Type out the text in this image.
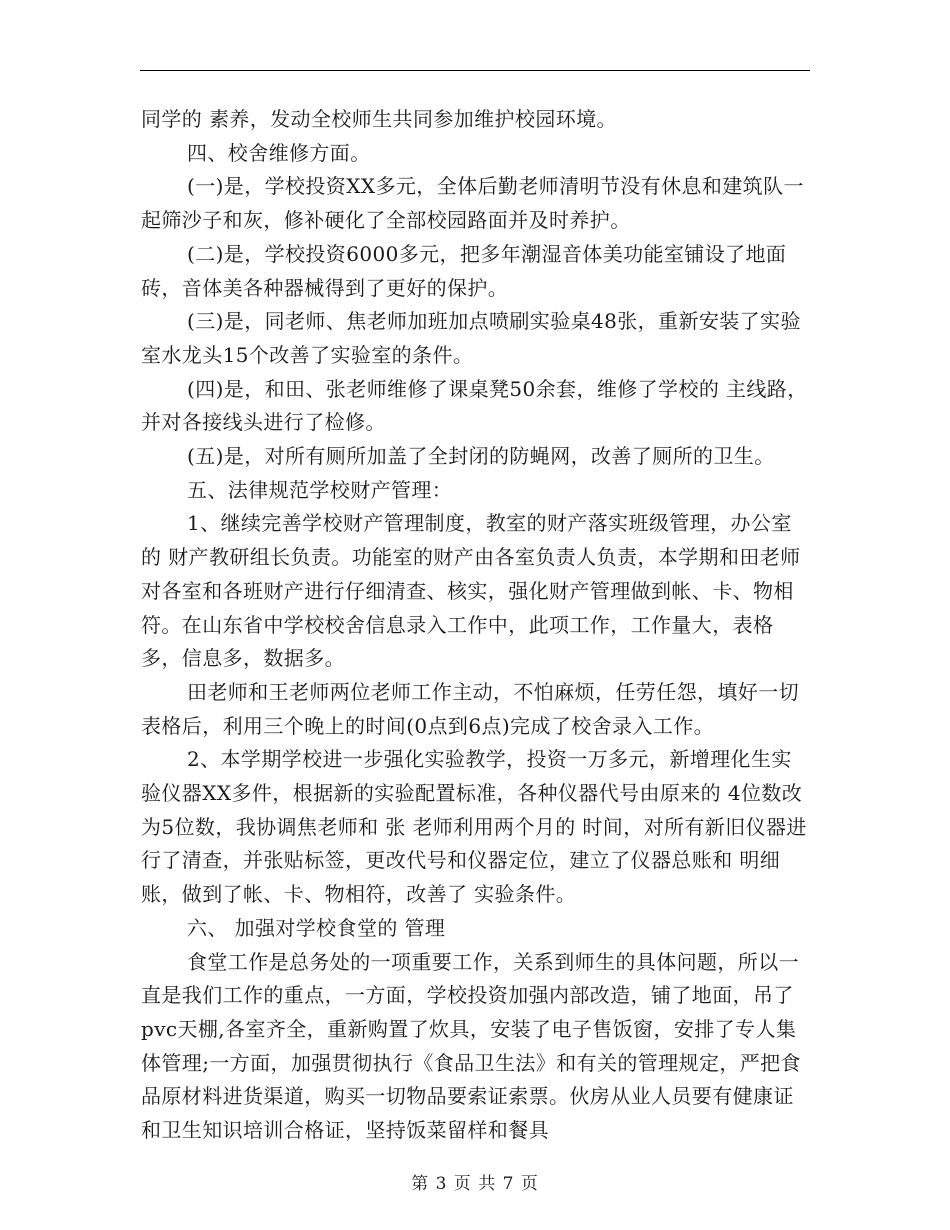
同学的 素养，发动全校师生共同参加维护校园环境。

四、校舍维修方面。

(一)是，学校投资XX多元，全体后勤老师清明节没有休息和建筑队一起筛沙子和灰，修补硬化了全部校园路面并及时养护。

(二)是，学校投资6000多元，把多年潮湿音体美功能室铺设了地面砖，音体美各种器械得到了更好的保护。

(三)是，同老师、焦老师加班加点喷刷实验桌48张，重新安装了实验室水龙头15个改善了实验室的条件。

(四)是，和田、张老师维修了课桌凳50余套，维修了学校的 主线路，并对各接线头进行了检修。

(五)是，对所有厕所加盖了全封闭的防蝇网，改善了厕所的卫生。

五、法律规范学校财产管理：

1、继续完善学校财产管理制度，教室的财产落实班级管理，办公室的 财产教研组长负责。功能室的财产由各室负责人负责，本学期和田老师对各室和各班财产进行仔细清查、核实，强化财产管理做到帐、卡、物相符。在山东省中学校校舍信息录入工作中，此项工作，工作量大，表格多，信息多，数据多。

田老师和王老师两位老师工作主动，不怕麻烦，任劳任怨，填好一切表格后，利用三个晚上的时间(0点到6点)完成了校舍录入工作。

2、本学期学校进一步强化实验教学，投资一万多元，新增理化生实验仪器XX多件，根据新的实验配置标准，各种仪器代号由原来的 4位数改为5位数，我协调焦老师和 张 老师利用两个月的 时间，对所有新旧仪器进行了清查，并张贴标签，更改代号和仪器定位，建立了仪器总账和 明细账，做到了帐、卡、物相符，改善了 实验条件。

六、 加强对学校食堂的 管理

食堂工作是总务处的一项重要工作，关系到师生的具体问题，所以一直是我们工作的重点，一方面，学校投资加强内部改造，铺了地面，吊了pvc天棚,各室齐全，重新购置了炊具，安装了电子售饭窗，安排了专人集体管理;一方面，加强贯彻执行《食品卫生法》和有关的管理规定，严把食品原材料进货渠道，购买一切物品要索证索票。伙房从业人员要有健康证和卫生知识培训合格证，坚持饭菜留样和餐具

第 3 页 共 7 页
